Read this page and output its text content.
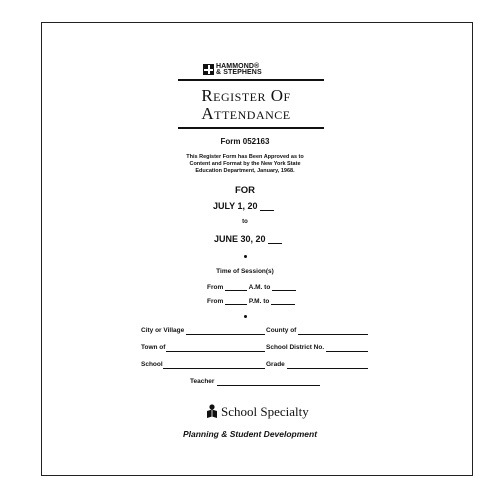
HAMMOND®
& STEPHENS
Register Of
Attendance
Form 052163
This Register Form has Been Approved as to Content and Format by the New York State Education Department, January, 1968.
FOR
JULY 1, 20
to
JUNE 30, 20
Time of Session(s)
From	A.M. to
From	P.M. to
City or Village	County of
Town of	School District No.
School	Grade
Teacher
School Specialty
Planning & Student Development
